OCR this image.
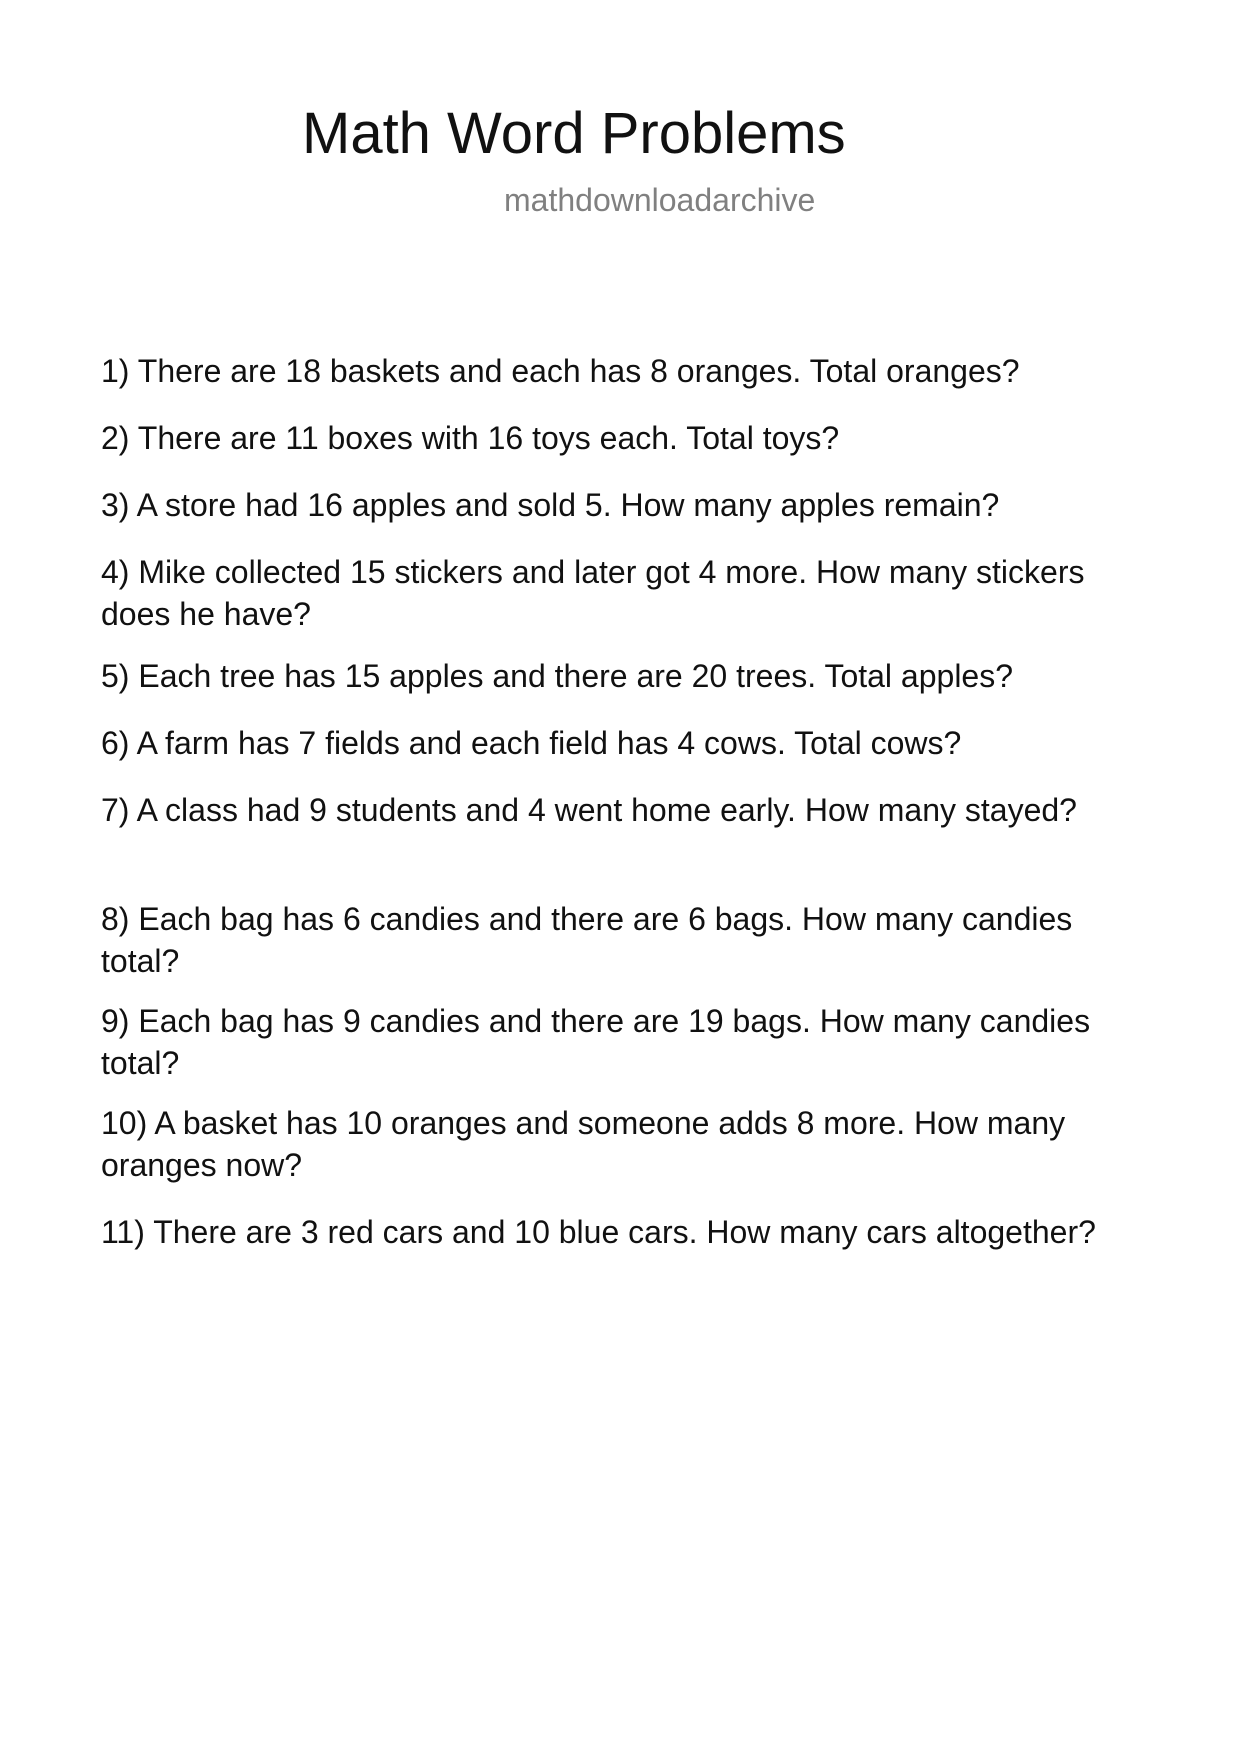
Math Word Problems
mathdownloadarchive
1) There are 18 baskets and each has 8 oranges. Total oranges?
2) There are 11 boxes with 16 toys each. Total toys?
3) A store had 16 apples and sold 5. How many apples remain?
4) Mike collected 15 stickers and later got 4 more. How many stickers does he have?
5) Each tree has 15 apples and there are 20 trees. Total apples?
6) A farm has 7 fields and each field has 4 cows. Total cows?
7) A class had 9 students and 4 went home early. How many stayed?
8) Each bag has 6 candies and there are 6 bags. How many candies total?
9) Each bag has 9 candies and there are 19 bags. How many candies total?
10) A basket has 10 oranges and someone adds 8 more. How many oranges now?
11) There are 3 red cars and 10 blue cars. How many cars altogether?
